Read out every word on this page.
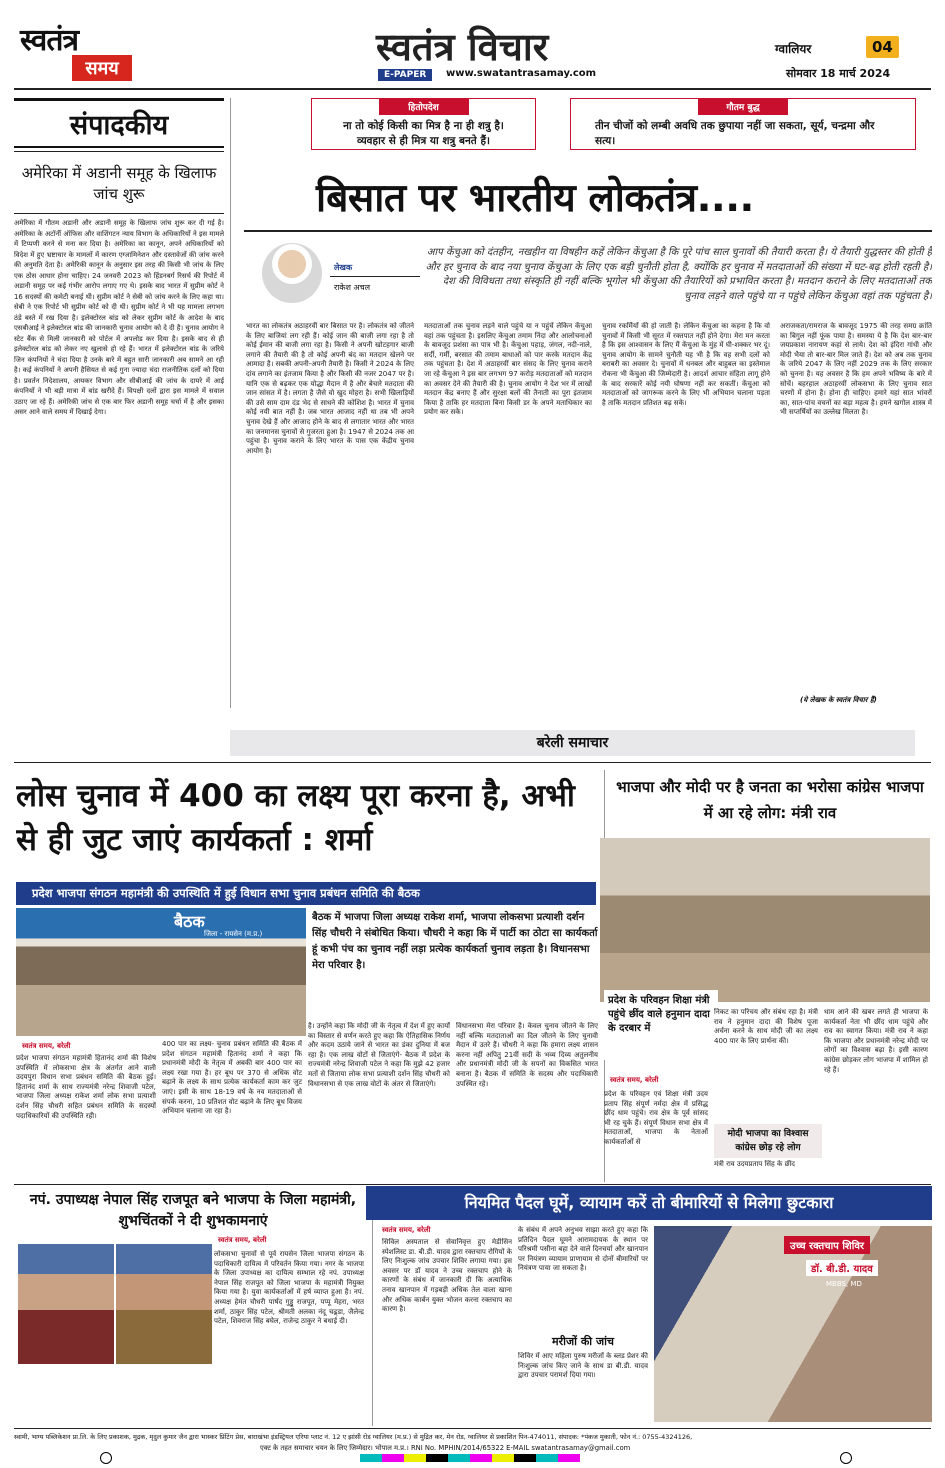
स्वतंत्र
समय	स्वतंत्र विचार
E-PAPER	www.swatantrasamay.com
ग्वालियर	04
सोमवार 18 मार्च 2024
हितोपदेश
ना तो कोई किसी का मित्र है ना ही शत्रु है। व्यवहार से ही मित्र या शत्रु बनते हैं।
गौतम बुद्ध
तीन चीजों को लम्बी अवधि तक छुपाया नहीं जा सकता, सूर्य, चन्द्रमा और सत्य।
संपादकीय
अमेरिका में अडानी समूह के खिलाफ जांच शुरू
अमेरिका में गौतम अडानी और अडानी समूह के खिलाफ जांच शुरू कर दी गई है। अमेरिका के अटॉर्नी ऑफिस और वाशिंगटन न्याय विभाग के अधिकारियों ने इस मामले में टिप्पणी करने से मना कर दिया है। अमेरिका का कानून, अपने अधिकारियों को विदेश में हुए भ्रष्टाचार के मामलों में कारण एग्जामिनेशन और दस्तावेजों की जांच करने की अनुमति देता है। अमेरिकी कानून के अनुसार इस तरह की किसी भी जांच के लिए एक ठोस आधार होना चाहिए। 24 जनवरी 2023 को हिंडनबर्ग रिसर्च की रिपोर्ट में अडानी समूह पर कई गंभीर आरोप लगाए गए थे। इसके बाद भारत में सुप्रीम कोर्ट ने 16 सदस्यों की कमेटी बनाई थी। सुप्रीम कोर्ट ने सेबी को जांच करने के लिए कहा था। सेबी ने एक रिपोर्ट भी सुप्रीम कोर्ट को दी थी। सुप्रीम कोर्ट ने भी यह मामला लगभग ठंडे बस्ते में रख दिया है। इलेक्टोरल बांड को लेकर सुप्रीम कोर्ट के आदेश के बाद एसबीआई ने इलेक्टोरल बांड की जानकारी चुनाव आयोग को दे दी है। चुनाव आयोग ने स्टेट बैंक से मिली जानकारी को पोर्टल में अपलोड कर दिया है। इसके बाद से ही इलेक्टोरल बांड को लेकर नए खुलासे हो रहे हैं। भारत में इलेक्टोरल बांड के जरिये जिन कंपनियों ने चंदा दिया है उनके बारे में बहुत सारी जानकारी अब सामने आ रही है। कई कंपनियों ने अपनी हैसियत से कई गुना ज्यादा चंदा राजनीतिक दलों को दिया है। प्रवर्तन निदेशालय, आयकर विभाग और सीबीआई की जांच के दायरे में आई कंपनियों ने भी बड़ी मात्रा में बांड खरीदे हैं। विपक्षी दलों द्वारा इस मामले में सवाल उठाए जा रहे हैं। अमेरिकी जांच से एक बार फिर अडानी समूह चर्चा में है और इसका असर आने वाले समय में दिखाई देगा।
बिसात पर भारतीय लोकतंत्र....
लेखक
राकेश अचल
आप केंचुआ को दंतहीन, नखहीन या विषहीन कहें लेकिन केंचुआ है कि पूरे पांच साल चुनावों की तैयारी करता है। ये तैयारी युद्धस्तर की होती है और हर चुनाव के बाद नया चुनाव केंचुआ के लिए एक बड़ी चुनौती होता है, क्योंकि हर चुनाव में मतदाताओं की संख्या में घट-बढ़ होती रहती है। देश की विविधता तथा संस्कृति ही नहीं बल्कि भूगोल भी केंचुआ की तैयारियों को प्रभावित करता है। मतदान कराने के लिए मतदाताओं तक चुनाव लड़ने वाले पहुंचे या न पहुंचे लेकिन केंचुआ वहां तक पहुंचता है।
भारत का लोकतंत्र अठाहरवीं बार बिसात पर है। लोकतंत्र को जीतने के लिए बाजियां लग रही हैं। कोई जान की बाजी लगा रहा है तो कोई ईमान की बाजी लगा रहा है। किसी ने अपनी खोटहगार बाजी लगाने की तैयारी की है तो कोई अपनी बंद का मतदान खेलने पर आमादा है। सबकी अपनी-अपनी तैयारी है। किसी ने 2024 के लिए दांव लगाने का इंतजाम किया है और किसी की नजर 2047 पर है। यानि एक से बढ़कर एक योद्धा मैदान में है और बेचारे मतदाता की जान सांसत में है। लगता है जैसे वो खुद मोहरा है। सभी खिलाड़ियों की उसे साम दाम दंड भेद से साधने की कोशिश है। भारत में चुनाव कोई नयी बात नहीं है। जब भारत आजाद नहीं था तब भी अपने चुनाव देखे हैं और आजाद होने के बाद से लगातार भारत और भारत का जनमानस चुनावों से गुजरता हुआ है। 1947 से 2024 तक आ पहुंचा है। चुनाव कराने के लिए भारत के पास एक केंद्रीय चुनाव आयोग है।
मतदाताओं तक चुनाव लड़ने वाले पहुंचे या न पहुंचें लेकिन केंचुआ वहां तक पहुंचता है। इसलिए केंचुआ तमाम निंदा और आलोचनाओं के बावजूद प्रशंसा का पात्र भी है। केंचुआ पहाड़, जंगल, नदी-नाले, सर्दी, गर्मी, बरसात की तमाम बाधाओं को पार करके मतदान केंद्र तक पहुंचता है। देश में अठाहरवीं बार संसद के लिए चुनाव कराने जा रहे केंचुआ ने इस बार लगभग 97 करोड़ मतदाताओं को मतदान का अवसर देने की तैयारी की है। चुनाव आयोग ने देश भर में लाखों मतदान केंद्र बनाए हैं और सुरक्षा बलों की तैनाती का पूरा इंतजाम किया है ताकि हर मतदाता बिना किसी डर के अपने मताधिकार का प्रयोग कर सके।
चुनाव रकर्मियों की हो जाती है। लेकिन केंचुआ का कहना है कि वो चुनावों में किसी भी सूरत में रक्तपात नहीं होने देगा। मेरा मन करता है कि इस आश्वासन के लिए मैं केंचुआ के मुंह में घी-शक्कर भर दूं। चुनाव आयोग के सामने चुनौती यह भी है कि वह सभी दलों को बराबरी का अवसर दे। चुनावों में धनबल और बाहुबल का इस्तेमाल रोकना भी केंचुआ की जिम्मेदारी है। आदर्श आचार संहिता लागू होने के बाद सरकारें कोई नयी घोषणा नहीं कर सकतीं। केंचुआ को मतदाताओं को जागरूक करने के लिए भी अभियान चलाना पड़ता है ताकि मतदान प्रतिशत बढ़ सके।
अराजकता/रामराज के बावजूद 1975 की तरह समग्र क्रांति का बिगुल नहीं फूंक पाया है। समस्या ये है कि देश बार-बार जयप्रकाश नारायण कहां से लाये। देश को इंदिरा गांधी और मोदी भैया तो बार-बार मिल जाते हैं। देश को अब तक चुनाव के जरिये 2047 के लिए नहीं 2029 तक के लिए सरकार को चुनना है। यह अवसर है कि हम अपने भविष्य के बारे में सोचें। बहरहाल अठाहरवीं लोकसभा के लिए चुनाव सात चरणों में होना है। होना ही चाहिए। हमारे यहां सात भांवरों का, सात-पांच वचनों का बड़ा महत्व है। हमने खगोल शास्त्र में भी सप्तर्षियों का उल्लेख मिलता है।
(ये लेखक के स्वतंत्र विचार हैं)
बरेली समाचार
लोस चुनाव में 400 का लक्ष्य पूरा करना है, अभी से ही जुट जाएं कार्यकर्ता : शर्मा
प्रदेश भाजपा संगठन महामंत्री की उपस्थिति में हुई विधान सभा चुनाव प्रबंधन समिति की बैठक
बैठक
जिला - रायसेन (म.प्र.)
स्वतंत्र समय, बरेली
बैठक में भाजपा जिला अध्यक्ष राकेश शर्मा, भाजपा लोकसभा प्रत्याशी दर्शन सिंह चौधरी ने संबोधित किया। चौधरी ने कहा कि में पार्टी का ठोटा सा कार्यकर्ता हूं कभी पंच का चुनाव नहीं लड़ा प्रत्येक कार्यकर्ता चुनाव लड़ता है। विधानसभा मेरा परिवार है।
प्रदेश भाजपा संगठन महामंत्री हितानंद शर्मा की विशेष उपस्थिति में लोकसभा क्षेत्र के अंतर्गत आने वाली उदयपुरा विधान सभा प्रबंधन समिति की बैठक हुई। हितानंद शर्मा के साथ राज्यमंत्री नरेन्द्र शिवाजी पटेल, भाजपा जिला अध्यक्ष राकेश शर्मा लोक सभा प्रत्याशी दर्शन सिंह चौधरी सहित प्रबंधन समिति के सदस्यों पदाधिकारियों की उपस्थिति रही।
400 पार का लक्ष्य- चुनाव प्रबंधन समिति की बैठक में प्रदेश संगठन महामंत्री हितानंद शर्मा ने कहा कि प्रधानमंत्री मोदी के नेतृत्व में अबकी बार 400 पार का लक्ष्य रखा गया है। हर बूथ पर 370 से अधिक वोट बढ़ाने के लक्ष्य के साथ प्रत्येक कार्यकर्ता काम कर जुट जाएं। इसी के साथ 18-19 वर्ष के नव मतदाताओं से संपर्क करना, 10 प्रतिशत वोट बढ़ाने के लिए बूथ विजय अभियान चलाना जा रहा है।
है। उन्होंने कहा कि मोदी जी के नेतृत्व में देश में हुए कार्यों का विस्तार से वर्णन करते हुए कहा कि ऐतिहासिक निर्णय और कदम उठाये जाने से भारत का डंका दुनिया में बज रहा है। एक लाख वोटों से जिताएंगे- बैठक में प्रदेश के राज्यमंत्री नरेन्द्र शिवाजी पटेल ने कहा कि मुझे 42 हजार मतों से जिताया लोक सभा प्रत्याशी दर्शन सिंह चौधरी को विधानसभा से एक लाख वोटों के अंतर से जिताएंगे।
विधानसभा मेरा परिवार है। केवल चुनाव जीतने के लिए नहीं बल्कि मतदाताओं का दिल जीतने के लिए चुनावी मैदान में उतरे हैं। चौधरी ने कहा कि हमारा लक्ष्य शासन करना नहीं अपितु 21वीं सदी के भव्य दिव्य अतुलनीय और प्रधानमंत्री मोदी जी के सपनों का विकसित भारत बनाना है। बैठक में समिति के सदस्य और पदाधिकारी उपस्थित रहे।
भाजपा और मोदी पर है जनता का भरोसा कांग्रेस भाजपा में आ रहे लोग: मंत्री राव
प्रदेश के परिवहन शिक्षा मंत्री पहुंचे छींद वाले हनुमान दादा के दरबार में
स्वतंत्र समय, बरेली
प्रदेश के परिवहन एवं शिक्षा मंत्री उदय प्रताप सिंह संपूर्ण नर्मदा क्षेत्र में प्रसिद्ध छींद धाम पहुंचे। राव क्षेत्र के पूर्व सांसद भी रह चुके हैं। संपूर्ण विधान सभा क्षेत्र में मतदाताओं, भाजपा के नेताओं कार्यकर्ताओं से
निकट का परिचय और संबंध रहा है। मंत्री राव ने हनुमान दादा की विशेष पूजा अर्चना करने के साथ मोदी जी का लक्ष्य 400 पार के लिए प्रार्थना की।
मोदी भाजपा का विश्वास कांग्रेस छोड़ रहे लोग
मंत्री राव उदयप्रताप सिंह के छींद
धाम आने की खबर लगते ही भाजपा के कार्यकर्ता नेता भी छींद धाम पहुंचे और राव का स्वागत किया। मंत्री राव ने कहा कि भाजपा और प्रधानमंत्री नरेन्द्र मोदी पर लोगों का विश्वास बढ़ा है। इसी कारण कांग्रेस छोड़कर लोग भाजपा में शामिल हो रहे हैं।
नपं. उपाध्यक्ष नेपाल सिंह राजपूत बने भाजपा के जिला महामंत्री, शुभचिंतकों ने दी शुभकामनाएं
स्वतंत्र समय, बरेली
लोकसभा चुनावों से पूर्व रायसेन जिला भाजपा संगठन के पदाधिकारी दायित्व में परिवर्तन किया गया। नगर के भाजपा के जिला उपाध्यक्ष का दायित्व सम्भाल रहे नपं. उपाध्यक्ष नेपाल सिंह राजपूत को जिला भाजपा के महामंत्री नियुक्त किया गया है। युवा कार्यकर्ताओं में हर्ष व्याप्त हुआ है। नपं. अध्यक्ष हेमंत चौधरी पार्षद गुड्डू राजपूत, पप्पू मेहरा, भरत शर्मा, ठाकुर सिंह पटेल, श्रीमती अलका नंदू चढ़्डा, जैलेन्द्र पटेल, शिवराज सिंह बघेल, राजेन्द्र ठाकुर ने बधाई दी।
नियमित पैदल घूमें, व्यायाम करें तो बीमारियों से मिलेगा छुटकारा
स्वतंत्र समय, बरेली
सिविल अस्पताल से सेवानिवृत्त हुए मेडीसिन स्पेशलिस्ट डा. बी.डी. यादव द्वारा रक्तचाप रोगियों के लिए निःशुल्क जांच उपचार शिविर लगाया गया। इस अवसर पर डॉ यादव ने उच्च रक्तचाप होने के कारणों के संबंध में जानकारी दी कि अत्याधिक तनाव खानपान में गड़बड़ी अधिक तेल वाला खाना और अधिक कार्बन युक्त भोजन करना रक्तचाप का कारण है।
के संबंध में अपने अनुभव साझा करते हुए कहा कि प्रतिदिन पैदल घूमने आरामदायक के स्थान पर परिश्रमी पसीना बहा देने वाले दिनचर्या और खानपान पर नियंत्रण व्यायाम प्राणायाम से दोनों बीमारियों पर नियंत्रण पाया जा सकता है।
मरीजों की जांच
शिविर में आए महिला पुरुष मरीजों के ब्लड प्रेशर की निःशुल्क जांच किए जाने के साथ डा बी.डी. यादव द्वारा उपचार परामर्श दिया गया।
उच्च रक्तचाप शिविर
डॉ. बी.डी. यादव
MBBS, MD
स्वामी, भाग्य पब्लिकेशन प्रा.लि. के लिए प्रकाशक, मुद्रक, मृदुल कुमार जैन द्वारा भास्कर प्रिंटिंग प्रेस, बाराखंभा इंडस्ट्रियल एरिया प्लाट नं. 12 ए झांसी रोड ग्वालियर (म.प्र.) से मुद्रित कर, मेन रोड, ग्वालियर से प्रकाशित पिन-474011, संपादक: *पंकज मुकाती, फोन नं.: 0755-4324126,
एक्ट के तहत समाचार चयन के लिए जिम्मेदार। भोपाल म.प्र.। RNI No. MPHIN/2014/65322 E-MAIL swatantrasamay@gmail.com
